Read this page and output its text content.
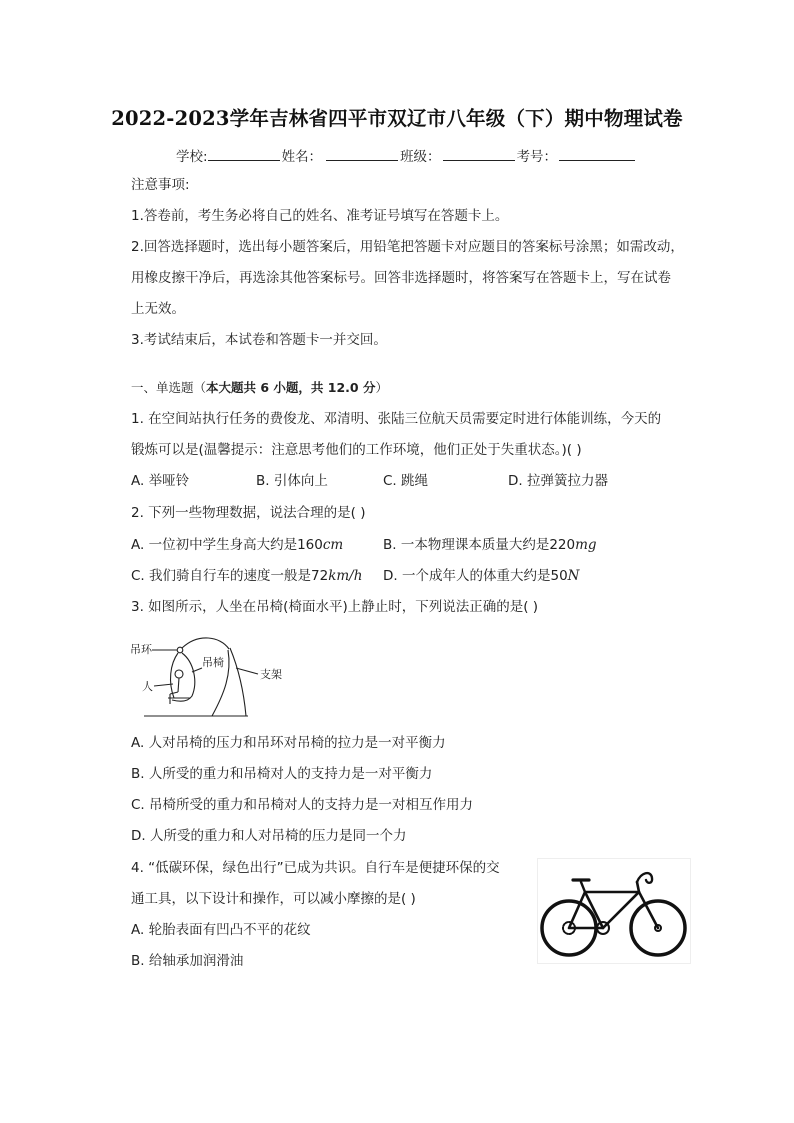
2022-2023学年吉林省四平市双辽市八年级（下）期中物理试卷
学校:	姓名：	班级：	考号：
注意事项:
1.答卷前，考生务必将自己的姓名、准考证号填写在答题卡上。
2.回答选择题时，选出每小题答案后，用铅笔把答题卡对应题目的答案标号涂黑；如需改动，
用橡皮擦干净后，再选涂其他答案标号。回答非选择题时，将答案写在答题卡上，写在试卷
上无效。
3.考试结束后，本试卷和答题卡一并交回。
一、单选题（本大题共 6 小题，共 12.0 分）
1. 在空间站执行任务的费俊龙、邓清明、张陆三位航天员需要定时进行体能训练，今天的
锻炼可以是(温馨提示：注意思考他们的工作环境，他们正处于失重状态。)( )
A. 举哑铃	B. 引体向上	C. 跳绳	D. 拉弹簧拉力器
2. 下列一些物理数据，说法合理的是( )
A. 一位初中学生身高大约是160cm	B. 一本物理课本质量大约是220mg
C. 我们骑自行车的速度一般是72km/h D. 一个成年人的体重大约是50N
3. 如图所示，人坐在吊椅(椅面水平)上静止时，下列说法正确的是( )
吊环
吊椅
支架
人
A. 人对吊椅的压力和吊环对吊椅的拉力是一对平衡力
B. 人所受的重力和吊椅对人的支持力是一对平衡力
C. 吊椅所受的重力和吊椅对人的支持力是一对相互作用力
D. 人所受的重力和人对吊椅的压力是同一个力
4. “低碳环保，绿色出行”已成为共识。自行车是便捷环保的交
通工具，以下设计和操作，可以减小摩擦的是( )
A. 轮胎表面有凹凸不平的花纹
B. 给轴承加润滑油
